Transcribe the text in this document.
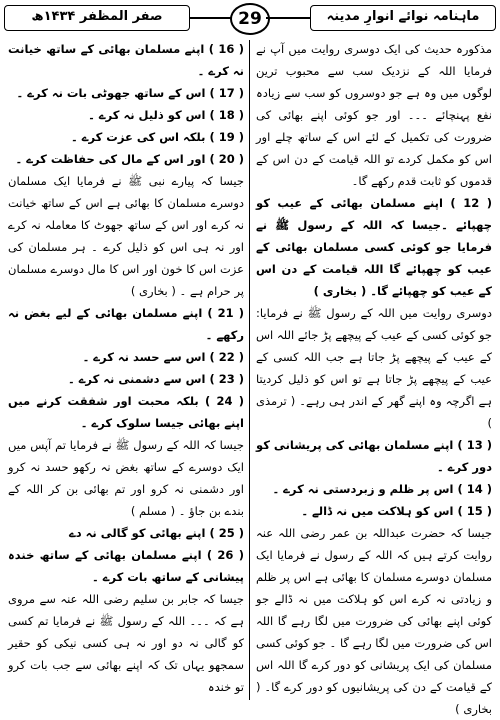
صفر المظفر ۱۴۳۴ھ	29	ماہنامہ نوائے انوارِ مدینہ

مذکورہ حدیث کی ایک دوسری روایت میں آپ نے فرمایا اللہ کے نزدیک سب سے محبوب ترین لوگوں میں وہ ہے جو دوسروں کو سب سے زیادہ نفع پہنچائے ۔۔۔ اور جو کوئی اپنے بھائی کی ضرورت کی تکمیل کے لئے اس کے ساتھ چلے اور اس کو مکمل کردے تو اللہ قیامت کے دن اس کے قدموں کو ثابت قدم رکھے گا۔

( 12 ) اپنے مسلمان بھائی کے عیب کو چھپائے ۔جیسا کہ اللہ کے رسول ﷺ نے فرمایا جو کوئی کسی مسلمان بھائی کے عیب کو چھپائے گا اللہ قیامت کے دن اس کے عیب کو چھپائے گا۔ ( بخاری )

دوسری روایت میں اللہ کے رسول ﷺ نے فرمایا: جو کوئی کسی کے عیب کے پیچھے پڑ جائے اللہ اس کے عیب کے پیچھے پڑ جاتا ہے جب اللہ کسی کے عیب کے پیچھے پڑ جاتا ہے تو اس کو ذلیل کردیتا ہے اگرچہ وہ اپنے گھر کے اندر ہی رہے۔ ( ترمذی )

( 13 ) اپنے مسلمان بھائی کی پریشانی کو دور کرے ۔

( 14 ) اس پر ظلم و زبردستی نہ کرے ۔

( 15 ) اس کو ہلاکت میں نہ ڈالے ۔

جیسا کہ حضرت عبداللہ بن عمر رضی اللہ عنہ روایت کرتے ہیں کہ اللہ کے رسول نے فرمایا ایک مسلمان دوسرے مسلمان کا بھائی ہے اس پر ظلم و زیادتی نہ کرے اس کو ہلاکت میں نہ ڈالے جو کوئی اپنے بھائی کی ضرورت میں لگا رہے گا اللہ اس کی ضرورت میں لگا رہے گا ۔ جو کوئی کسی مسلمان کی ایک پریشانی کو دور کرے گا اللہ اس کے قیامت کے دن کی پریشانیوں کو دور کرے گا۔ ( بخاری )

( 16 ) اپنے مسلمان بھائی کے ساتھ خیانت نہ کرے ۔

( 17 ) اس کے ساتھ جھوٹی بات نہ کرے ۔

( 18 ) اس کو ذلیل نہ کرے ۔

( 19 ) بلکہ اس کی عزت کرے ۔

( 20 ) اور اس کے مال کی حفاظت کرے ۔

جیسا کہ پیارے نبی ﷺ نے فرمایا ایک مسلمان دوسرے مسلمان کا بھائی ہے اس کے ساتھ خیانت نہ کرے اور اس کے ساتھ جھوٹ کا معاملہ نہ کرے اور نہ ہی اس کو ذلیل کرے ۔ ہر مسلمان کی عزت اس کا خون اور اس کا مال دوسرے مسلمان پر حرام ہے ۔ ( بخاری )

( 21 ) اپنے مسلمان بھائی کے لیے بغض نہ رکھے ۔

( 22 ) اس سے حسد نہ کرے ۔

( 23 ) اس سے دشمنی نہ کرے ۔

( 24 ) بلکہ محبت اور شفقت کرنے میں اپنے بھائی جیسا سلوک کرے ۔

جیسا کہ اللہ کے رسول ﷺ نے فرمایا تم آپس میں ایک دوسرے کے ساتھ بغض نہ رکھو حسد نہ کرو اور دشمنی نہ کرو اور تم بھائی بن کر اللہ کے بندے بن جاؤ ۔ ( مسلم )

( 25 ) اپنے بھائی کو گالی نہ دے

( 26 ) اپنے مسلمان بھائی کے ساتھ خندہ پیشانی کے ساتھ بات کرے ۔

جیسا کہ جابر بن سلیم رضی اللہ عنہ سے مروی ہے کہ ۔۔۔ اللہ کے رسول ﷺ نے فرمایا تم کسی کو گالی نہ دو اور نہ ہی کسی نیکی کو حقیر سمجھو یہاں تک کہ اپنے بھائی سے جب بات کرو تو خندہ
